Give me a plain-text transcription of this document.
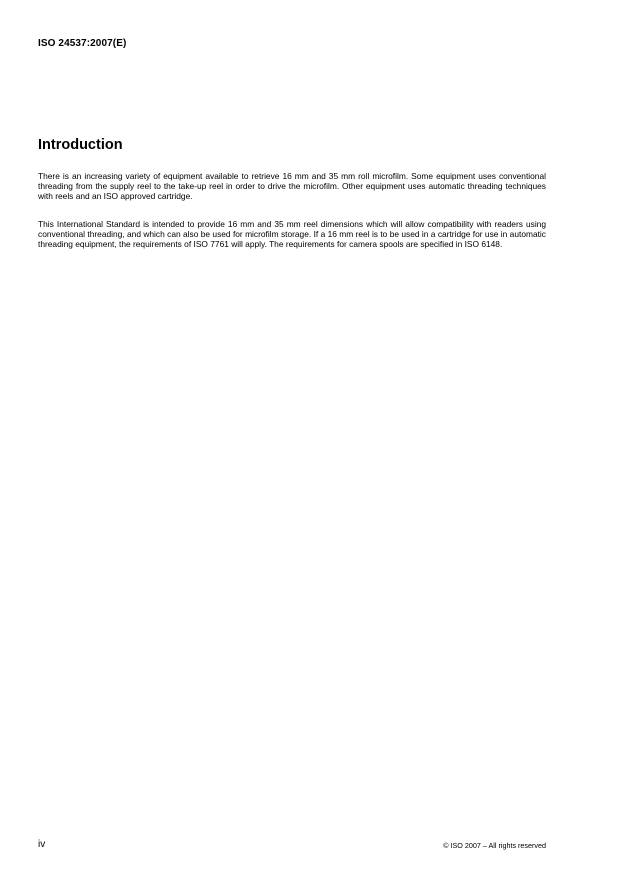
ISO 24537:2007(E)
Introduction

There is an increasing variety of equipment available to retrieve 16 mm and 35 mm roll microfilm. Some equipment uses conventional threading from the supply reel to the take-up reel in order to drive the microfilm. Other equipment uses automatic threading techniques with reels and an ISO approved cartridge.

This International Standard is intended to provide 16 mm and 35 mm reel dimensions which will allow compatibility with readers using conventional threading, and which can also be used for microfilm storage. If a 16 mm reel is to be used in a cartridge for use in automatic threading equipment, the requirements of ISO 7761 will apply. The requirements for camera spools are specified in ISO 6148.

iv	© ISO 2007 – All rights reserved
